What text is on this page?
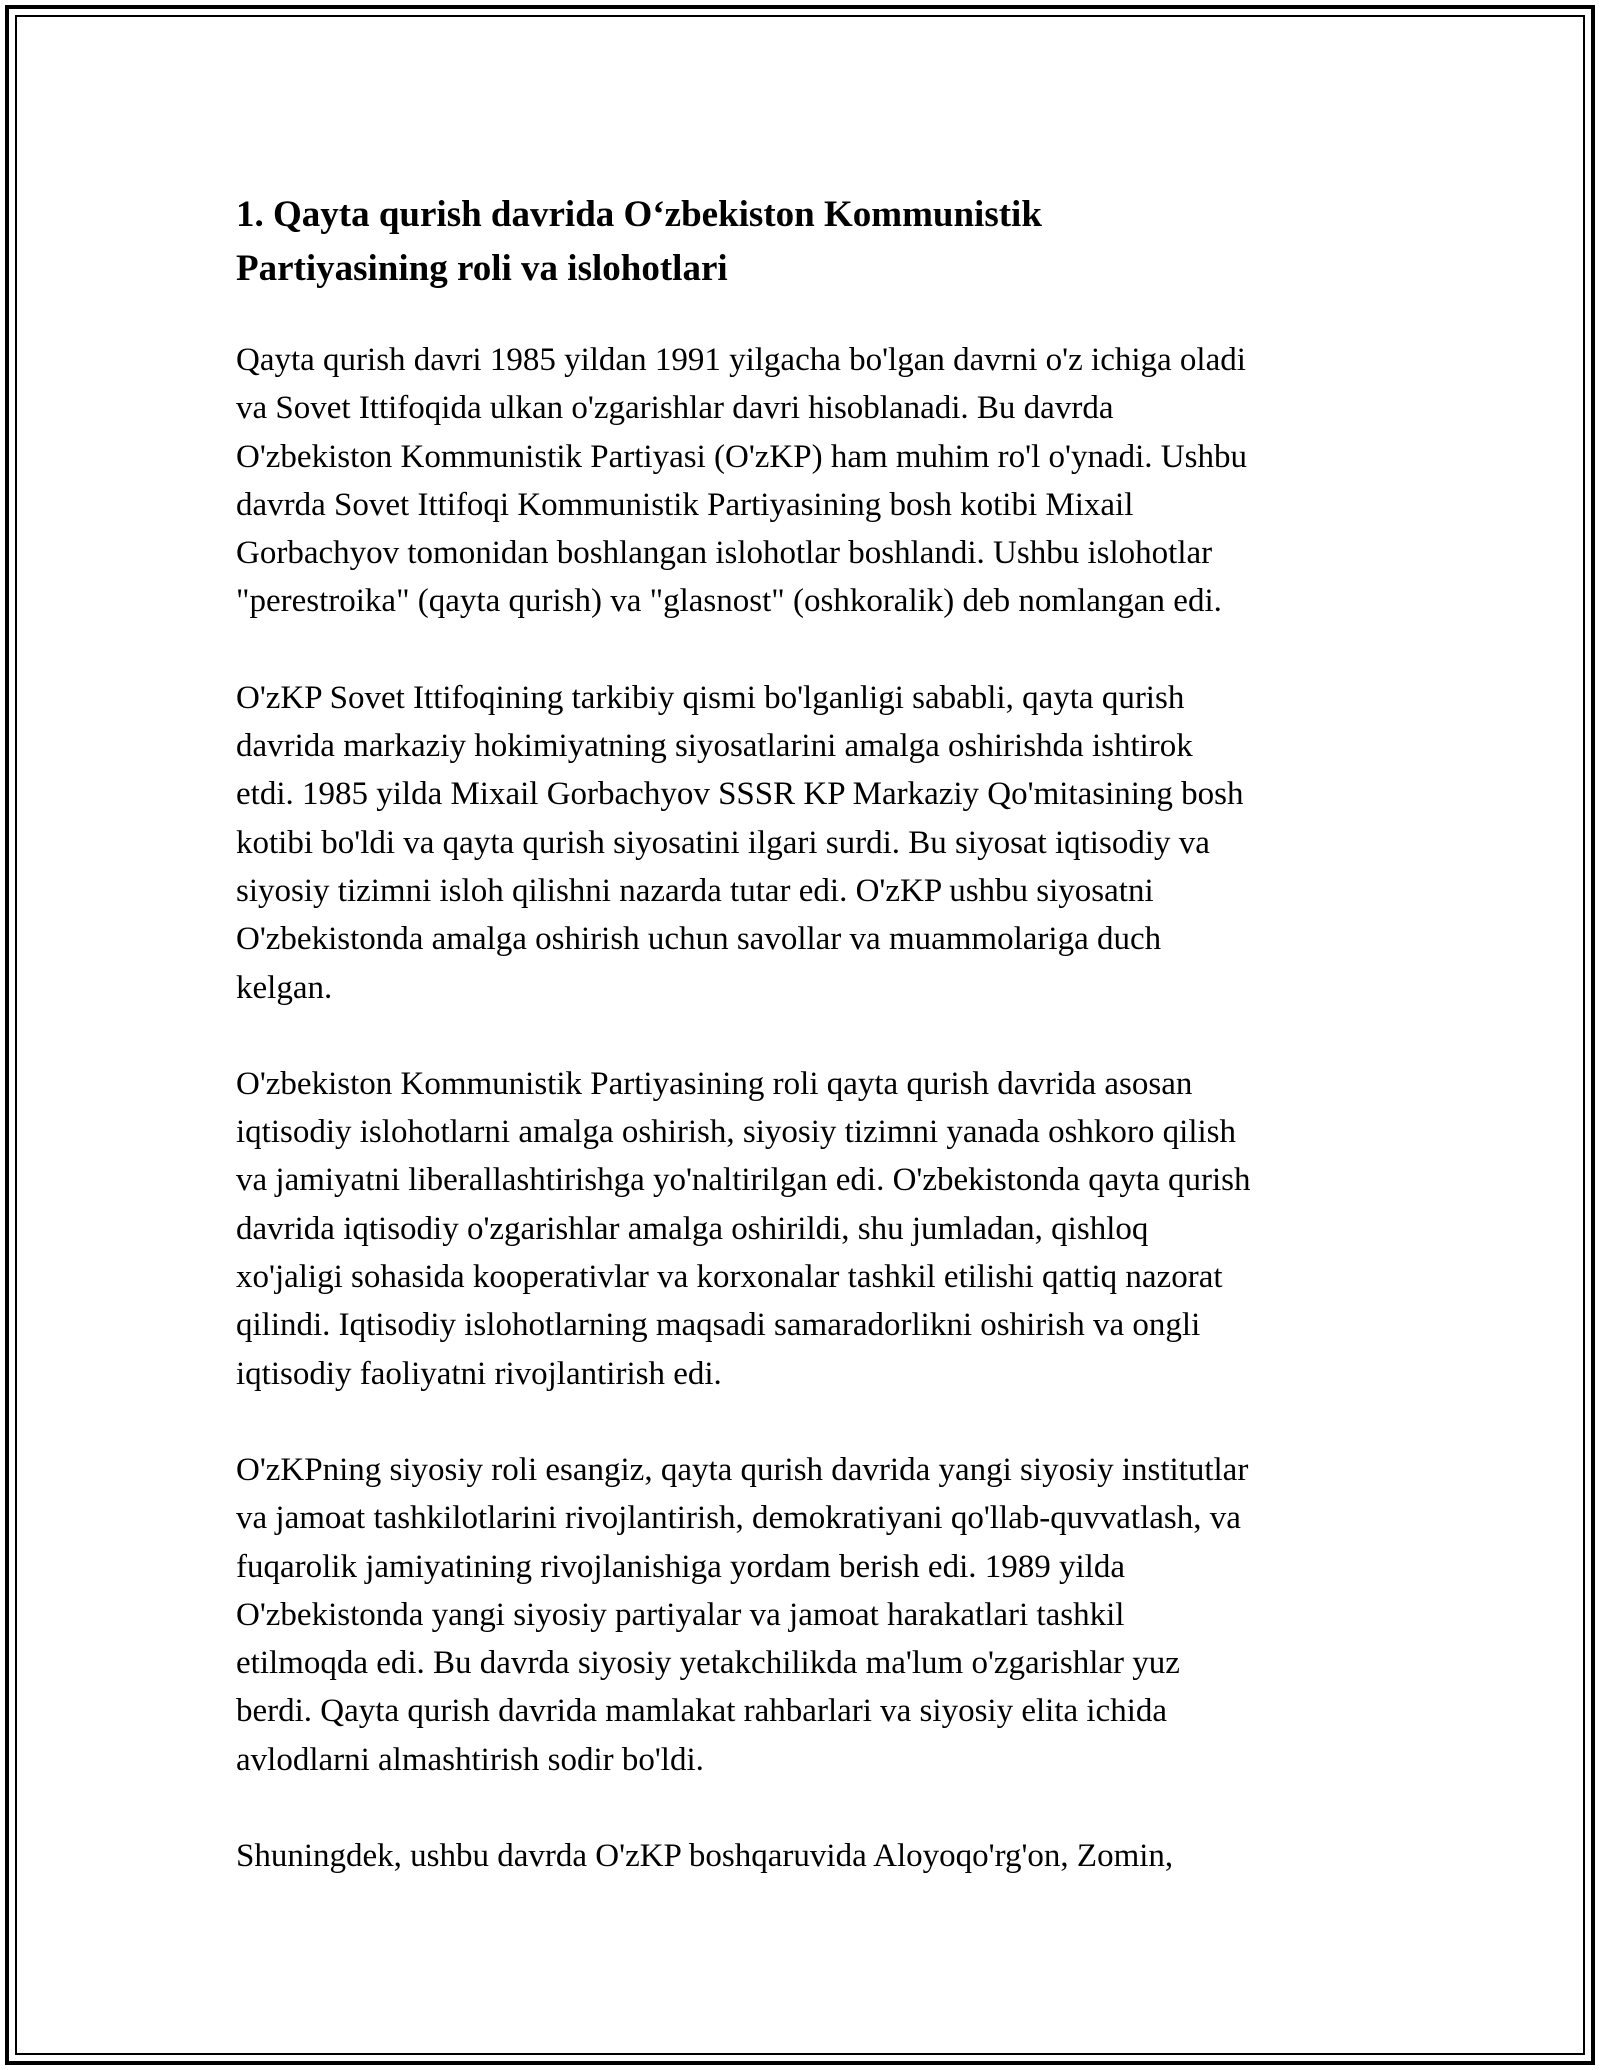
1. Qayta qurish davrida O‘zbekiston Kommunistik
Partiyasining roli va islohotlari

Qayta qurish davri 1985 yildan 1991 yilgacha bo'lgan davrni o'z ichiga oladi
va Sovet Ittifoqida ulkan o'zgarishlar davri hisoblanadi. Bu davrda
O'zbekiston Kommunistik Partiyasi (O'zKP) ham muhim ro'l o'ynadi. Ushbu
davrda Sovet Ittifoqi Kommunistik Partiyasining bosh kotibi Mixail
Gorbachyov tomonidan boshlangan islohotlar boshlandi. Ushbu islohotlar
"perestroika" (qayta qurish) va "glasnost" (oshkoralik) deb nomlangan edi.

O'zKP Sovet Ittifoqining tarkibiy qismi bo'lganligi sababli, qayta qurish
davrida markaziy hokimiyatning siyosatlarini amalga oshirishda ishtirok
etdi. 1985 yilda Mixail Gorbachyov SSSR KP Markaziy Qo'mitasining bosh
kotibi bo'ldi va qayta qurish siyosatini ilgari surdi. Bu siyosat iqtisodiy va
siyosiy tizimni isloh qilishni nazarda tutar edi. O'zKP ushbu siyosatni
O'zbekistonda amalga oshirish uchun savollar va muammolariga duch
kelgan.

O'zbekiston Kommunistik Partiyasining roli qayta qurish davrida asosan
iqtisodiy islohotlarni amalga oshirish, siyosiy tizimni yanada oshkoro qilish
va jamiyatni liberallashtirishga yo'naltirilgan edi. O'zbekistonda qayta qurish
davrida iqtisodiy o'zgarishlar amalga oshirildi, shu jumladan, qishloq
xo'jaligi sohasida kooperativlar va korxonalar tashkil etilishi qattiq nazorat
qilindi. Iqtisodiy islohotlarning maqsadi samaradorlikni oshirish va ongli
iqtisodiy faoliyatni rivojlantirish edi.

O'zKPning siyosiy roli esangiz, qayta qurish davrida yangi siyosiy institutlar
va jamoat tashkilotlarini rivojlantirish, demokratiyani qo'llab-quvvatlash, va
fuqarolik jamiyatining rivojlanishiga yordam berish edi. 1989 yilda
O'zbekistonda yangi siyosiy partiyalar va jamoat harakatlari tashkil
etilmoqda edi. Bu davrda siyosiy yetakchilikda ma'lum o'zgarishlar yuz
berdi. Qayta qurish davrida mamlakat rahbarlari va siyosiy elita ichida
avlodlarni almashtirish sodir bo'ldi.

Shuningdek, ushbu davrda O'zKP boshqaruvida Aloyoqo'rg'on, Zomin,
